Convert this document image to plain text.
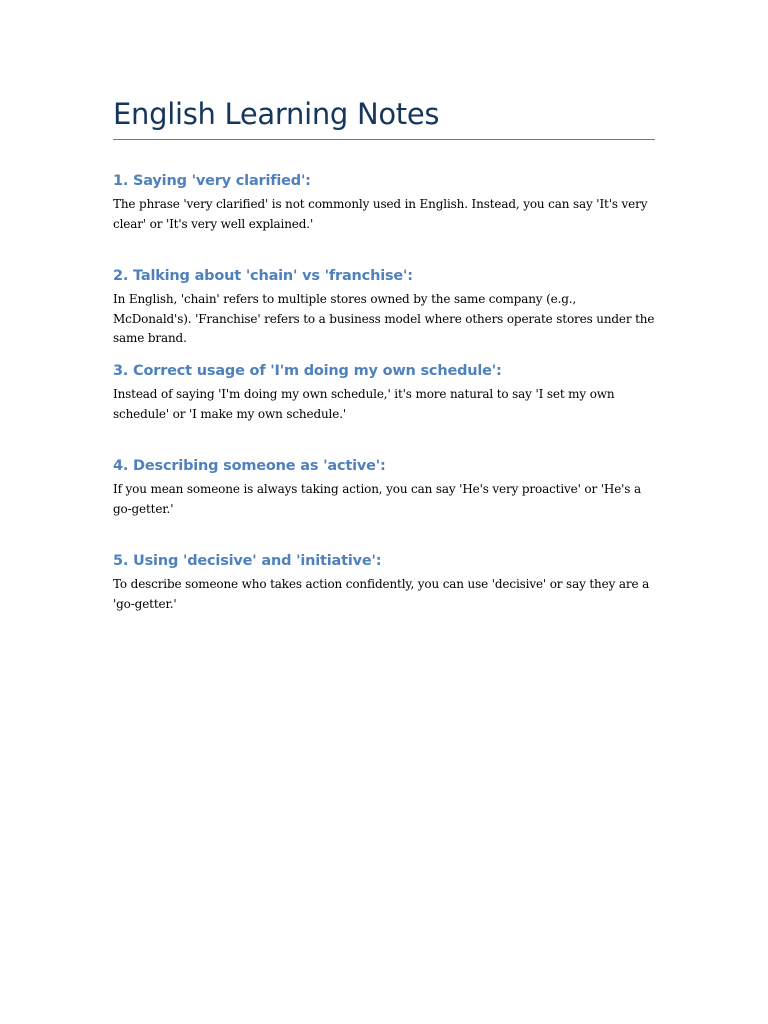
English Learning Notes
1. Saying 'very clarified':

The phrase 'very clarified' is not commonly used in English. Instead, you can say 'It's very clear' or 'It's very well explained.'

2. Talking about 'chain' vs 'franchise':

In English, 'chain' refers to multiple stores owned by the same company (e.g., McDonald's). 'Franchise' refers to a business model where others operate stores under the same brand.

3. Correct usage of 'I'm doing my own schedule':

Instead of saying 'I'm doing my own schedule,' it's more natural to say 'I set my own schedule' or 'I make my own schedule.'

4. Describing someone as 'active':

If you mean someone is always taking action, you can say 'He's very proactive' or 'He's a go-getter.'

5. Using 'decisive' and 'initiative':

To describe someone who takes action confidently, you can use 'decisive' or say they are a 'go-getter.'
